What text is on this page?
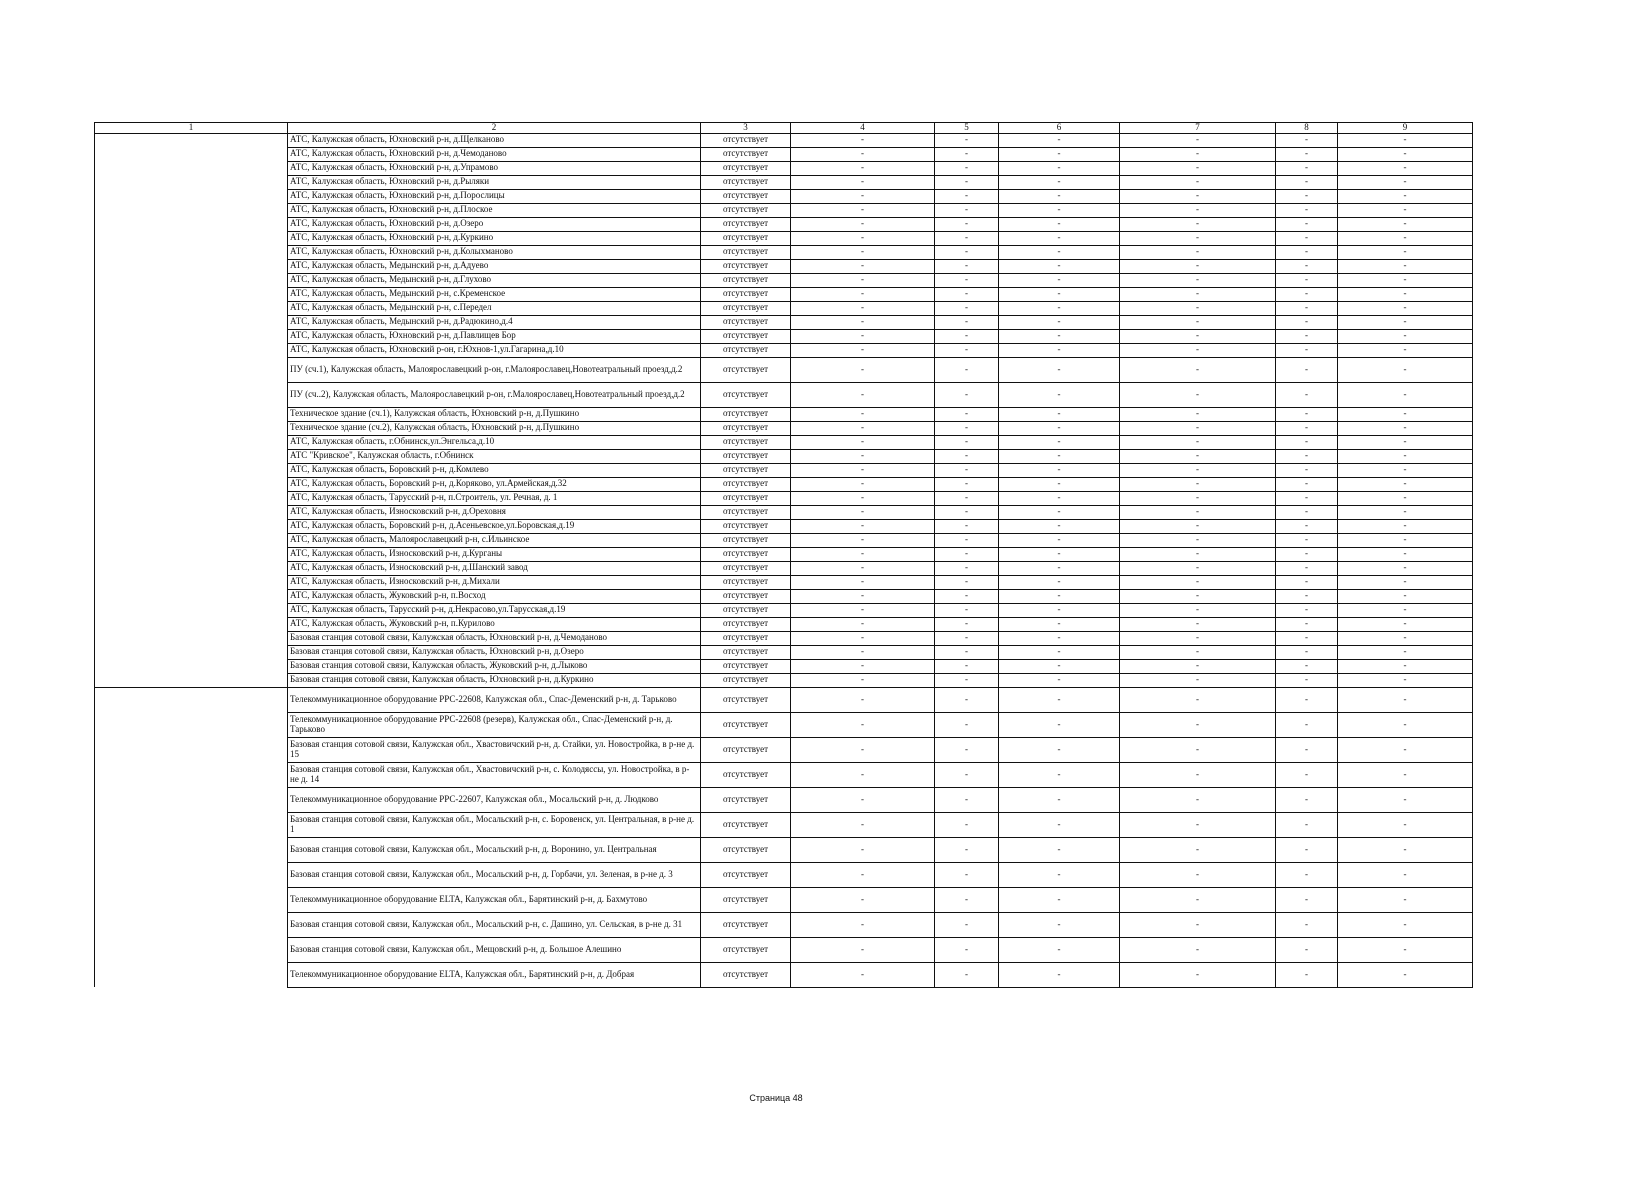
1	2	3	4	5	6	7	8	9
	АТС, Калужская область, Юхновский р-н, д.Щелканово	отсутствует	-	-	-	-	-	-
	АТС, Калужская область, Юхновский р-н, д.Чемоданово	отсутствует	-	-	-	-	-	-
	АТС, Калужская область, Юхновский р-н, д.Упрамово	отсутствует	-	-	-	-	-	-
	АТС, Калужская область, Юхновский р-н, д.Рыляки	отсутствует	-	-	-	-	-	-
	АТС, Калужская область, Юхновский р-н, д.Порослицы	отсутствует	-	-	-	-	-	-
	АТС, Калужская область, Юхновский р-н, д.Плоское	отсутствует	-	-	-	-	-	-
	АТС, Калужская область, Юхновский р-н, д.Озеро	отсутствует	-	-	-	-	-	-
	АТС, Калужская область, Юхновский р-н, д.Куркино	отсутствует	-	-	-	-	-	-
	АТС, Калужская область, Юхновский р-н, д.Колыхманово	отсутствует	-	-	-	-	-	-
	АТС, Калужская область, Медынский р-н, д.Адуево	отсутствует	-	-	-	-	-	-
	АТС, Калужская область, Медынский р-н, д.Глухово	отсутствует	-	-	-	-	-	-
	АТС, Калужская область, Медынский р-н, с.Кременское	отсутствует	-	-	-	-	-	-
	АТС, Калужская область, Медынский р-н, с.Передел	отсутствует	-	-	-	-	-	-
	АТС, Калужская область, Медынский р-н, д.Радюкино,д.4	отсутствует	-	-	-	-	-	-
	АТС, Калужская область, Юхновский р-н, д.Павлищев Бор	отсутствует	-	-	-	-	-	-
	АТС, Калужская область, Юхновский р-он, г.Юхнов-1,ул.Гагарина,д.10	отсутствует	-	-	-	-	-	-
	ПУ (сч.1), Калужская область, Малоярославецкий р-он, г.Малоярославец,Новотеатральный проезд,д.2	отсутствует	-	-	-	-	-	-
	ПУ (сч..2), Калужская область, Малоярославецкий р-он, г.Малоярославец,Новотеатральный проезд,д.2	отсутствует	-	-	-	-	-	-
	Техническое здание (сч.1), Калужская область, Юхновский р-н, д.Пушкино	отсутствует	-	-	-	-	-	-
	Техническое здание (сч.2), Калужская область, Юхновский р-н, д.Пушкино	отсутствует	-	-	-	-	-	-
	АТС, Калужская область, г.Обнинск,ул.Энгельса,д.10	отсутствует	-	-	-	-	-	-
	АТС "Кривское", Калужская область, г.Обнинск	отсутствует	-	-	-	-	-	-
	АТС, Калужская область, Боровский р-н, д.Комлево	отсутствует	-	-	-	-	-	-
	АТС, Калужская область, Боровский р-н, д.Коряково, ул.Армейская,д.32	отсутствует	-	-	-	-	-	-
	АТС, Калужская область, Тарусский р-н, п.Строитель, ул. Речная, д. 1	отсутствует	-	-	-	-	-	-
	АТС, Калужская область, Износковский р-н, д.Ореховня	отсутствует	-	-	-	-	-	-
	АТС, Калужская область, Боровский р-н, д.Асеньевское,ул.Боровская,д.19	отсутствует	-	-	-	-	-	-
	АТС, Калужская область, Малоярославецкий р-н, с.Ильинское	отсутствует	-	-	-	-	-	-
	АТС, Калужская область, Износковский р-н, д.Курганы	отсутствует	-	-	-	-	-	-
	АТС, Калужская область, Износковский р-н, д.Шанский завод	отсутствует	-	-	-	-	-	-
	АТС, Калужская область, Износковский р-н, д.Михали	отсутствует	-	-	-	-	-	-
	АТС, Калужская область, Жуковский р-н, п.Восход	отсутствует	-	-	-	-	-	-
	АТС, Калужская область, Тарусский р-н, д.Некрасово,ул.Тарусская,д.19	отсутствует	-	-	-	-	-	-
	АТС, Калужская область, Жуковский р-н, п.Курилово	отсутствует	-	-	-	-	-	-
	Базовая станция сотовой связи, Калужская область, Юхновский р-н, д.Чемоданово	отсутствует	-	-	-	-	-	-
	Базовая станция сотовой связи, Калужская область, Юхновский р-н, д.Озеро	отсутствует	-	-	-	-	-	-
	Базовая станция сотовой связи, Калужская область, Жуковский р-н, д.Лыково	отсутствует	-	-	-	-	-	-
	Базовая станция сотовой связи, Калужская область, Юхновский р-н, д.Куркино	отсутствует	-	-	-	-	-	-
	Телекоммуникационное оборудование РРС-22608, Калужская обл., Спас-Деменский р-н, д. Тарьково	отсутствует	-	-	-	-	-	-
	Телекоммуникационное оборудование РРС-22608 (резерв), Калужская обл., Спас-Деменский р-н, д. Тарьково	отсутствует	-	-	-	-	-	-
	Базовая станция сотовой связи, Калужская обл., Хвастовичский р-н, д. Стайки, ул. Новостройка, в р-не д. 15	отсутствует	-	-	-	-	-	-
	Базовая станция сотовой связи, Калужская обл., Хвастовичский р-н, с. Колодяссы, ул. Новостройка, в р-не д. 14	отсутствует	-	-	-	-	-	-
	Телекоммуникационное оборудование РРС-22607, Калужская обл., Мосальский р-н, д. Людково	отсутствует	-	-	-	-	-	-
	Базовая станция сотовой связи, Калужская обл., Мосальский р-н, с. Боровенск, ул. Центральная, в р-не д. 1	отсутствует	-	-	-	-	-	-
	Базовая станция сотовой связи, Калужская обл., Мосальский р-н, д. Воронино, ул. Центральная	отсутствует	-	-	-	-	-	-
	Базовая станция сотовой связи, Калужская обл., Мосальский р-н, д. Горбачи, ул. Зеленая, в р-не д. 3	отсутствует	-	-	-	-	-	-
	Телекоммуникационное оборудование ELTA, Калужская обл., Барятинский р-н, д. Бахмутово	отсутствует	-	-	-	-	-	-
	Базовая станция сотовой связи, Калужская обл., Мосальский р-н, с. Дашино, ул. Сельская, в р-не д. 31	отсутствует	-	-	-	-	-	-
	Базовая станция сотовой связи, Калужская обл., Мещовский р-н, д. Большое Алешино	отсутствует	-	-	-	-	-	-
	Телекоммуникационное оборудование ELTA, Калужская обл., Барятинский р-н, д. Добрая	отсутствует	-	-	-	-	-	-
Страница 48
